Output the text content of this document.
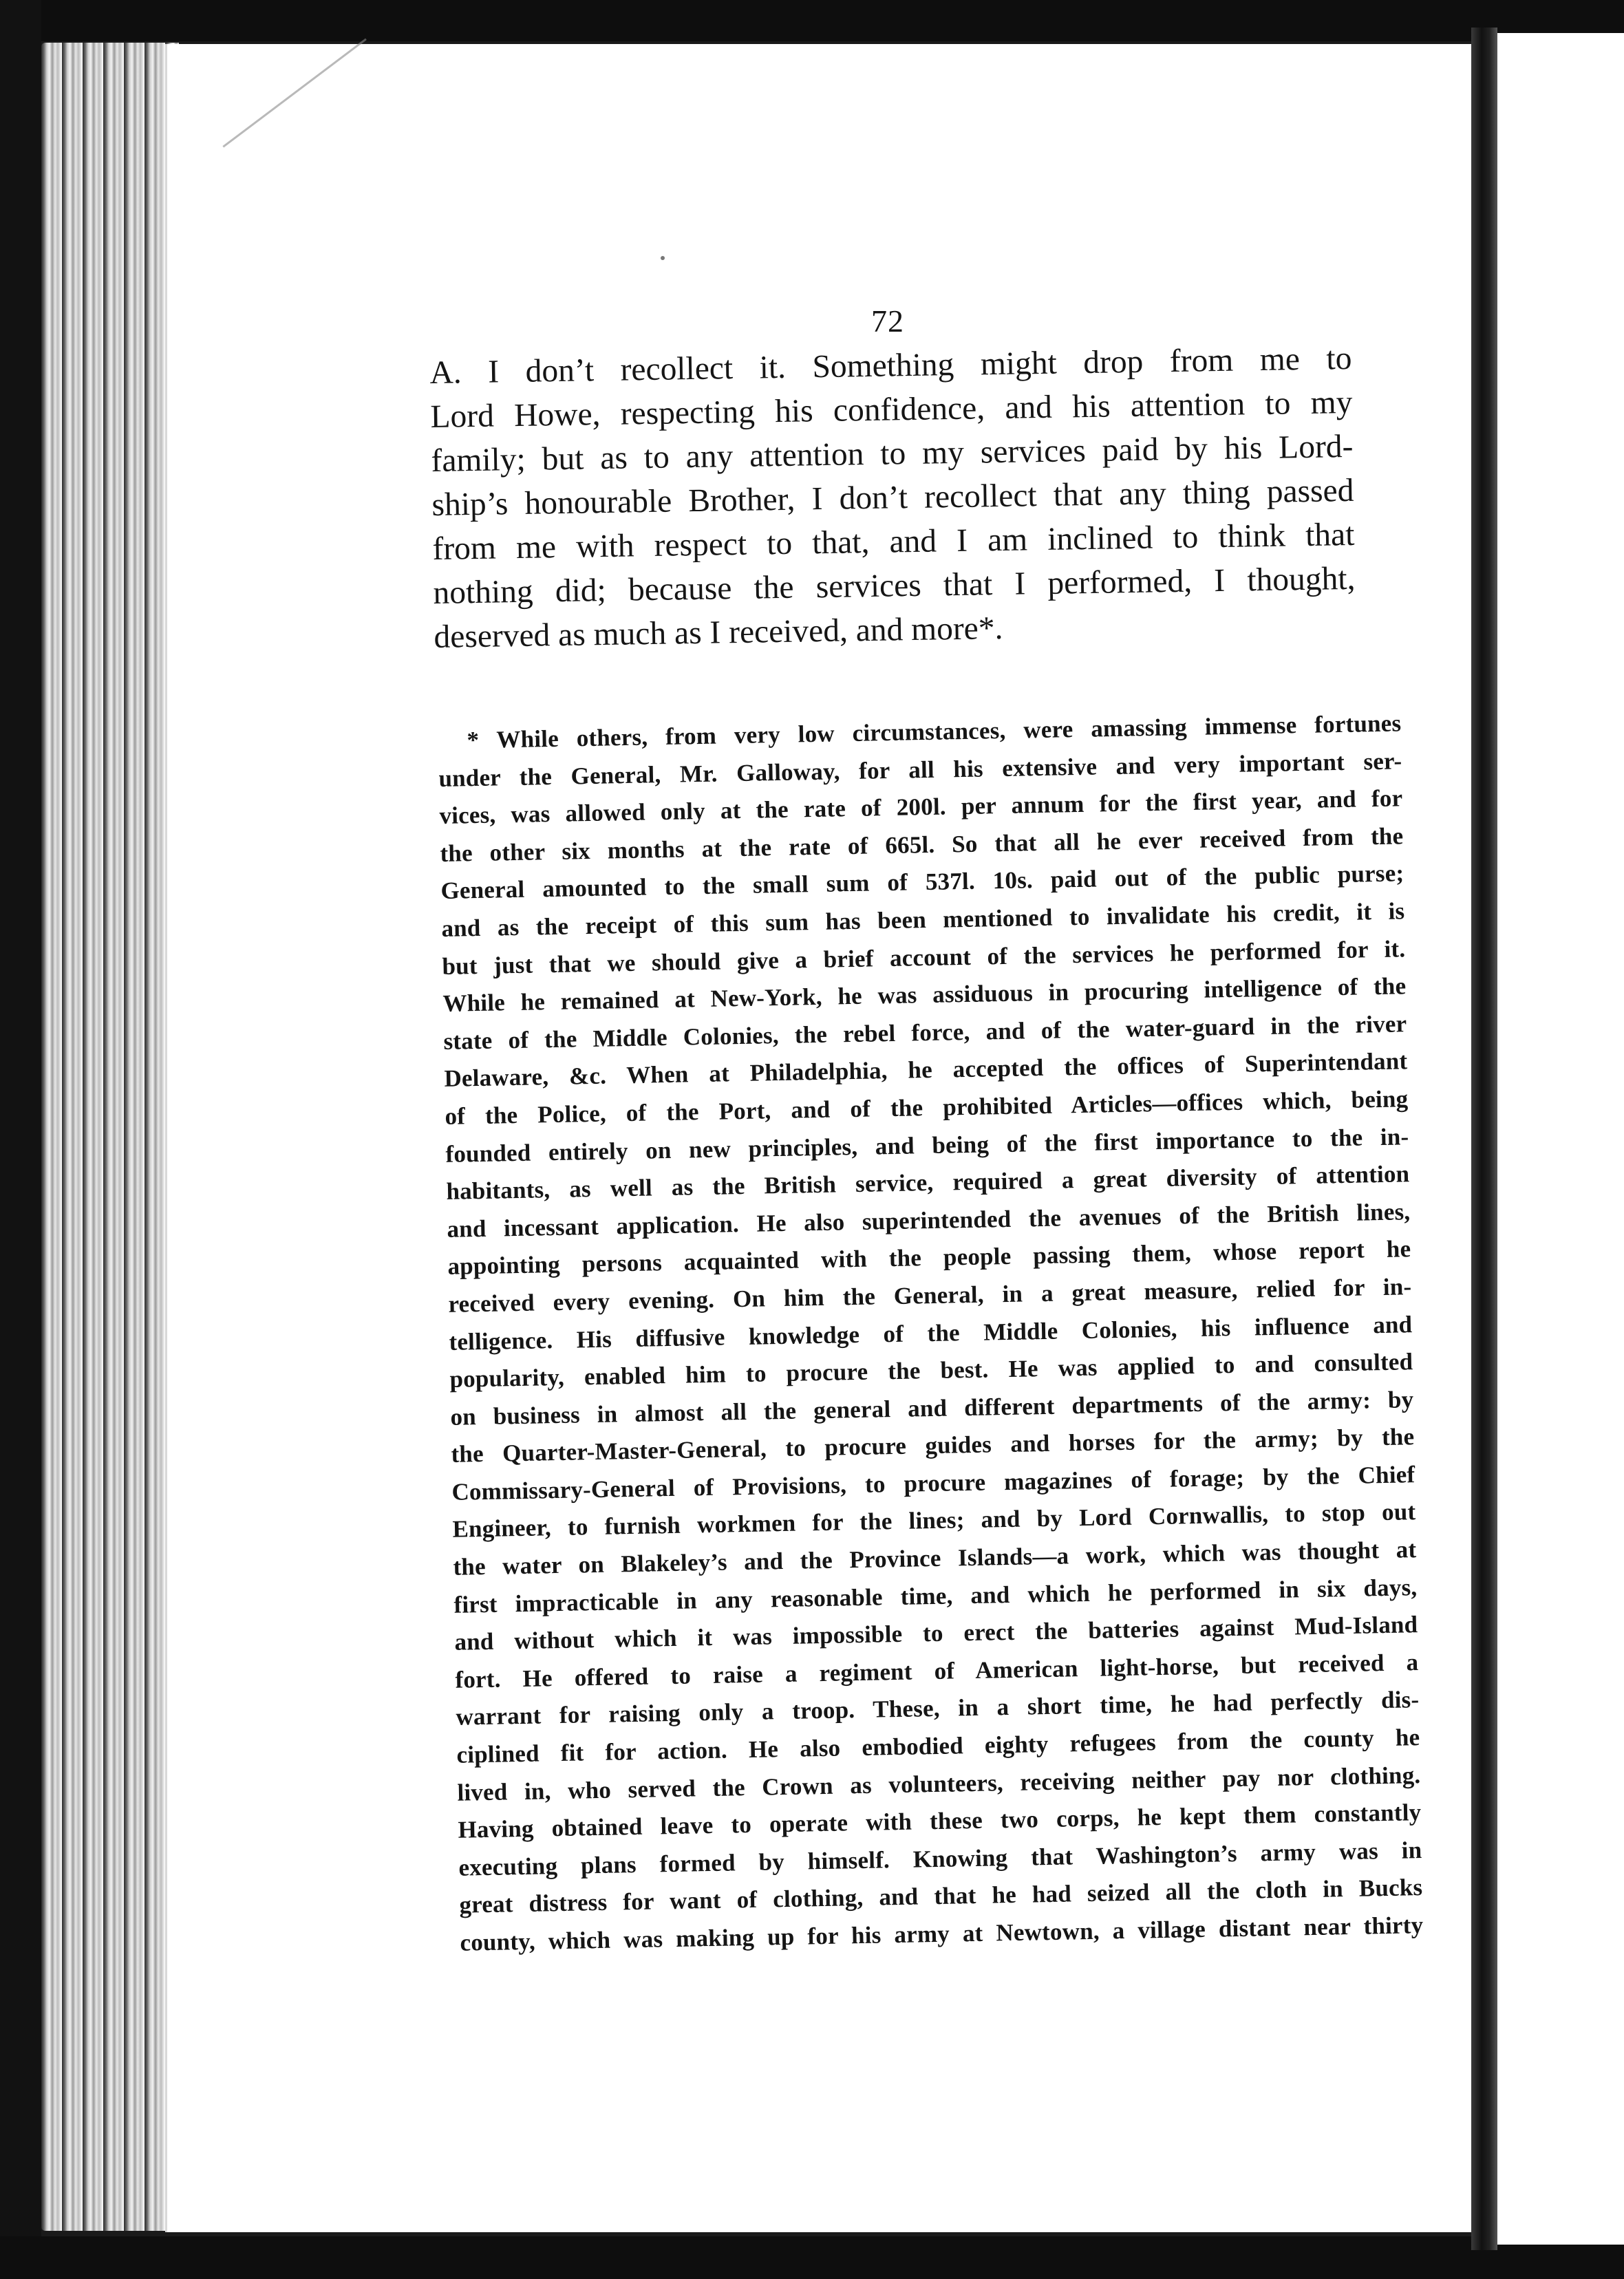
72
A. I don’t recollect it. Something might drop from me to
Lord Howe, respecting his confidence, and his attention to my
family; but as to any attention to my services paid by his Lord-
ship’s honourable Brother, I don’t recollect that any thing passed
from me with respect to that, and I am inclined to think that
nothing did; because the services that I performed, I thought,
deserved as much as I received, and more*.
* While others, from very low circumstances, were amassing immense fortunes
under the General, Mr. Galloway, for all his extensive and very important ser-
vices, was allowed only at the rate of 200l. per annum for the first year, and for
the other six months at the rate of 665l. So that all he ever received from the
General amounted to the small sum of 537l. 10s. paid out of the public purse;
and as the receipt of this sum has been mentioned to invalidate his credit, it is
but just that we should give a brief account of the services he performed for it.
While he remained at New-York, he was assiduous in procuring intelligence of the
state of the Middle Colonies, the rebel force, and of the water-guard in the river
Delaware, &c. When at Philadelphia, he accepted the offices of Superintendant
of the Police, of the Port, and of the prohibited Articles—offices which, being
founded entirely on new principles, and being of the first importance to the in-
habitants, as well as the British service, required a great diversity of attention
and incessant application. He also superintended the avenues of the British lines,
appointing persons acquainted with the people passing them, whose report he
received every evening. On him the General, in a great measure, relied for in-
telligence. His diffusive knowledge of the Middle Colonies, his influence and
popularity, enabled him to procure the best. He was applied to and consulted
on business in almost all the general and different departments of the army: by
the Quarter-Master-General, to procure guides and horses for the army; by the
Commissary-General of Provisions, to procure magazines of forage; by the Chief
Engineer, to furnish workmen for the lines; and by Lord Cornwallis, to stop out
the water on Blakeley’s and the Province Islands—a work, which was thought at
first impracticable in any reasonable time, and which he performed in six days,
and without which it was impossible to erect the batteries against Mud-Island
fort. He offered to raise a regiment of American light-horse, but received a
warrant for raising only a troop. These, in a short time, he had perfectly dis-
ciplined fit for action. He also embodied eighty refugees from the county he
lived in, who served the Crown as volunteers, receiving neither pay nor clothing.
Having obtained leave to operate with these two corps, he kept them constantly
executing plans formed by himself. Knowing that Washington’s army was in
great distress for want of clothing, and that he had seized all the cloth in Bucks
county, which was making up for his army at Newtown, a village distant near thirty
